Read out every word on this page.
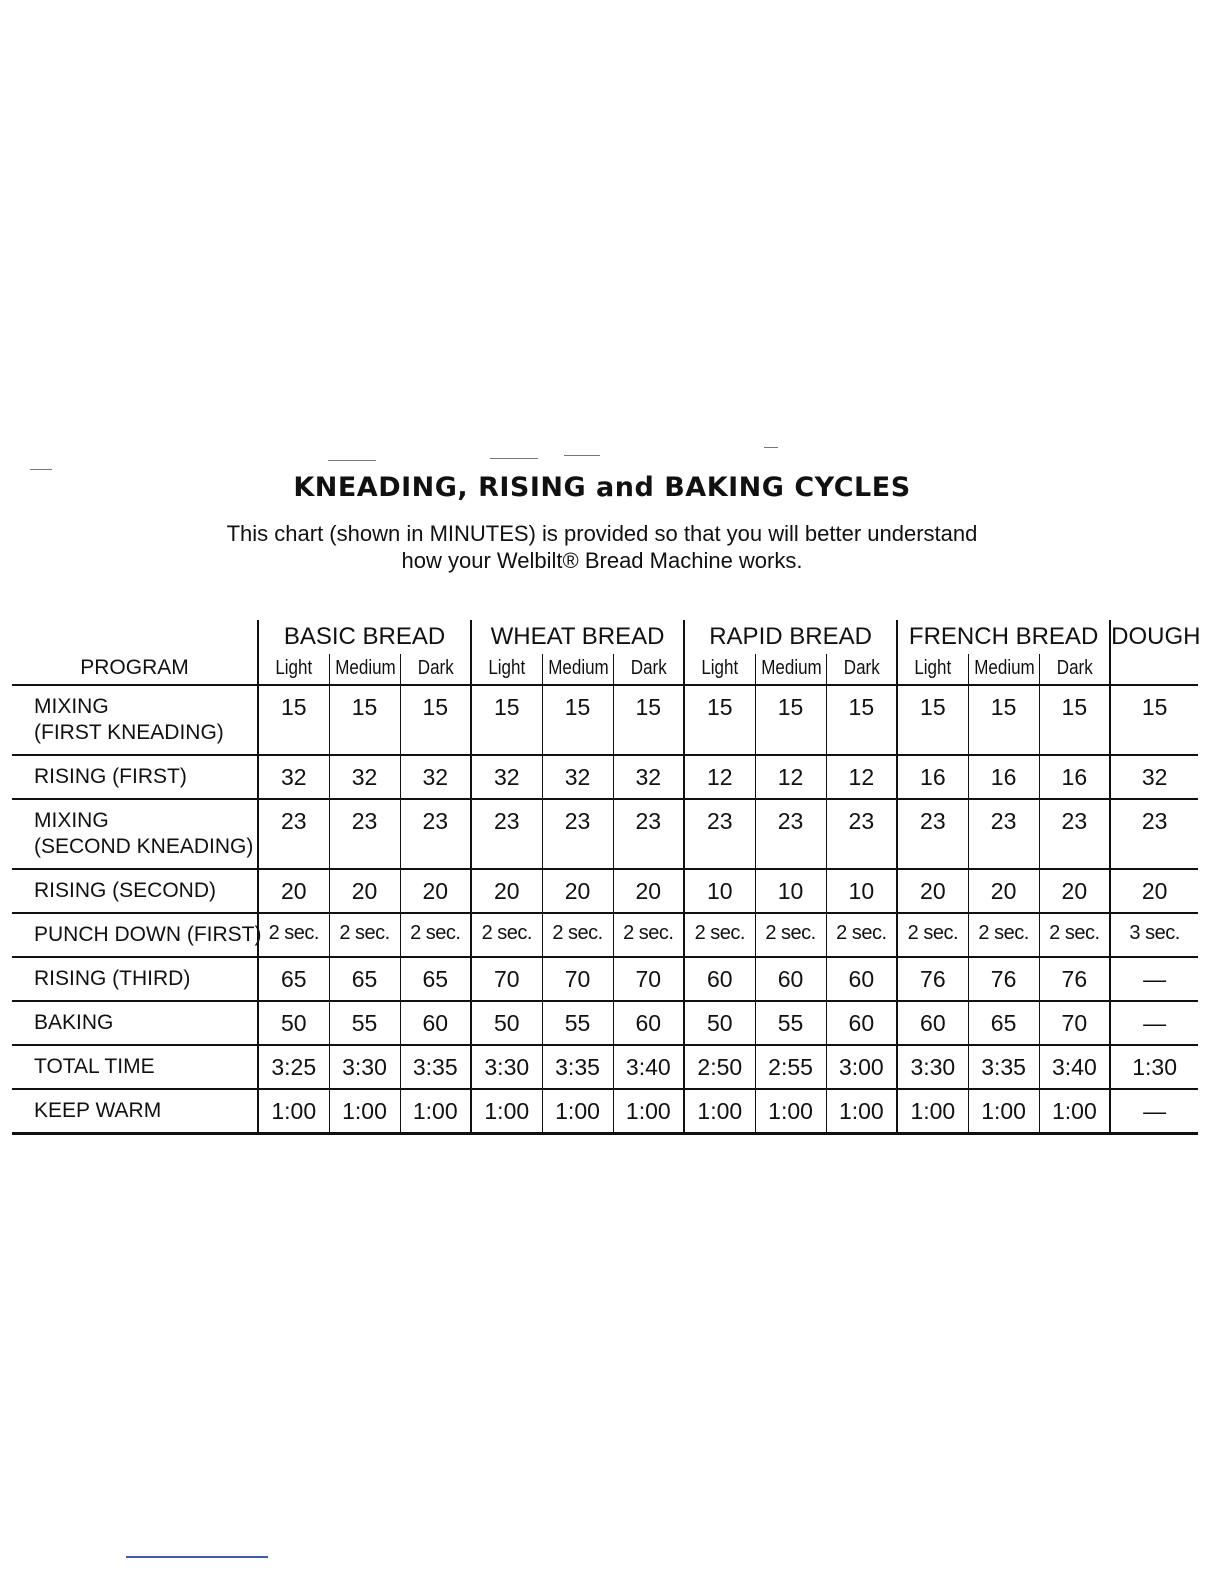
KNEADING, RISING and BAKING CYCLES
This chart (shown in MINUTES) is provided so that you will better understand
how your Welbilt® Bread Machine works.
PROGRAM	BASIC BREAD			WHEAT BREAD			RAPID BREAD			FRENCH BREAD			DOUGH

	Light	Medium	Dark	Light	Medium	Dark	Light	Medium	Dark	Light	Medium	Dark	

MIXING
(FIRST KNEADING)	15	15	15	15	15	15	15	15	15	15	15	15	15

RISING (FIRST)	32	32	32	32	32	32	12	12	12	16	16	16	32

MIXING
(SECOND KNEADING)	23	23	23	23	23	23	23	23	23	23	23	23	23

RISING (SECOND)	20	20	20	20	20	20	10	10	10	20	20	20	20

PUNCH DOWN (FIRST)	2 sec.	2 sec.	2 sec.	2 sec.	2 sec.	2 sec.	2 sec.	2 sec.	2 sec.	2 sec.	2 sec.	2 sec.	3 sec.

RISING (THIRD)	65	65	65	70	70	70	60	60	60	76	76	76	—

BAKING	50	55	60	50	55	60	50	55	60	60	65	70	—

TOTAL TIME	3:25	3:30	3:35	3:30	3:35	3:40	2:50	2:55	3:00	3:30	3:35	3:40	1:30

KEEP WARM	1:00	1:00	1:00	1:00	1:00	1:00	1:00	1:00	1:00	1:00	1:00	1:00	—
